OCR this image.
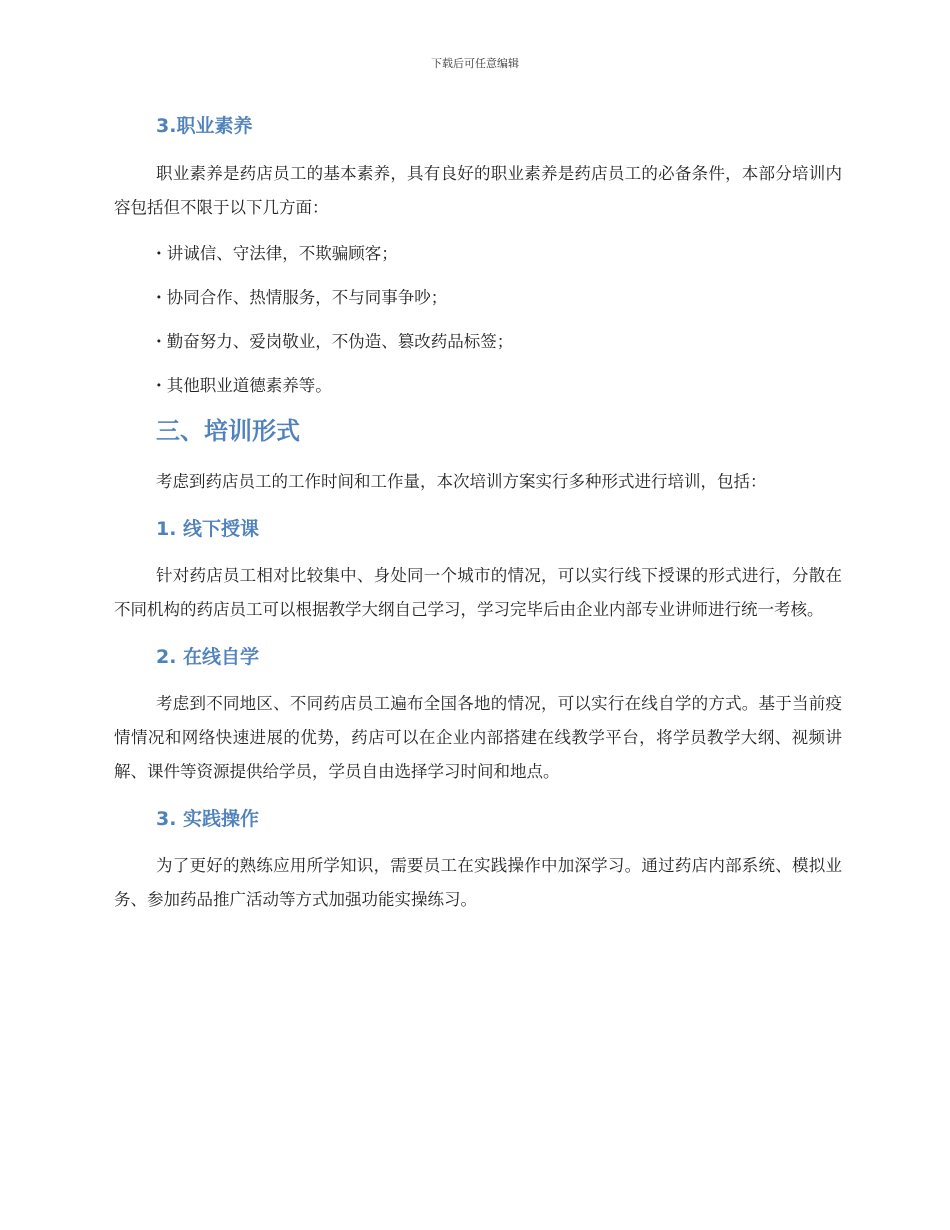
下载后可任意编辑
3.职业素养

职业素养是药店员工的基本素养，具有良好的职业素养是药店员工的必备条件，本部分培训内容包括但不限于以下几方面：

· 讲诚信、守法律，不欺骗顾客；
· 协同合作、热情服务，不与同事争吵；
· 勤奋努力、爱岗敬业，不伪造、篡改药品标签；
· 其他职业道德素养等。
三、培训形式

考虑到药店员工的工作时间和工作量，本次培训方案实行多种形式进行培训，包括：

1. 线下授课

针对药店员工相对比较集中、身处同一个城市的情况，可以实行线下授课的形式进行，分散在不同机构的药店员工可以根据教学大纲自己学习，学习完毕后由企业内部专业讲师进行统一考核。

2. 在线自学

考虑到不同地区、不同药店员工遍布全国各地的情况，可以实行在线自学的方式。基于当前疫情情况和网络快速进展的优势，药店可以在企业内部搭建在线教学平台，将学员教学大纲、视频讲解、课件等资源提供给学员，学员自由选择学习时间和地点。

3. 实践操作

为了更好的熟练应用所学知识，需要员工在实践操作中加深学习。通过药店内部系统、模拟业务、参加药品推广活动等方式加强功能实操练习。
